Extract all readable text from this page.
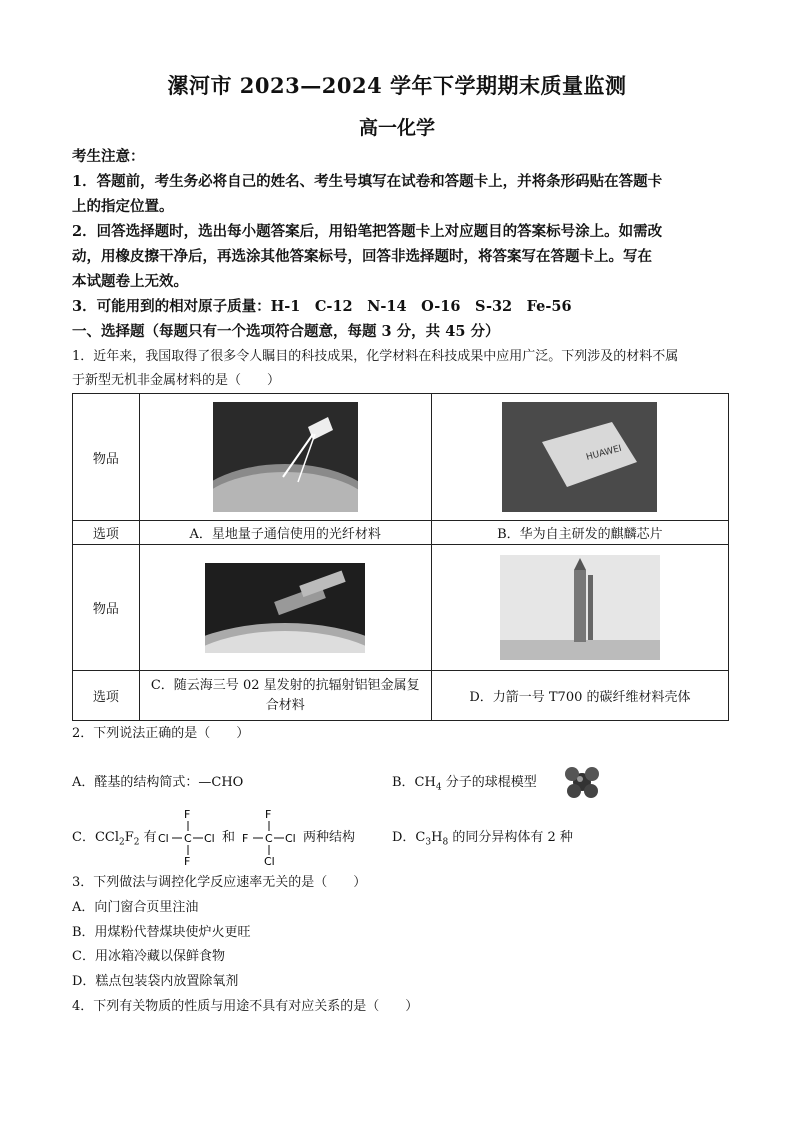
漯河市 2023—2024 学年下学期期末质量监测
高一化学
考生注意：
1．答题前，考生务必将自己的姓名、考生号填写在试卷和答题卡上，并将条形码贴在答题卡
上的指定位置。
2．回答选择题时，选出每小题答案后，用铅笔把答题卡上对应题目的答案标号涂上。如需改
动，用橡皮擦干净后，再选涂其他答案标号，回答非选择题时，将答案写在答题卡上。写在
本试题卷上无效。
3．可能用到的相对原子质量：H-1　C-12　N-14　O-16　S-32　Fe-56
一、选择题（每题只有一个选项符合题意，每题 3 分，共 45 分）
1．近年来，我国取得了很多令人瞩目的科技成果，化学材料在科技成果中应用广泛。下列涉及的材料不属
于新型无机非金属材料的是（　　）
物品		HUAWEI

选项	A．星地量子通信使用的光纤材料	B．华为自主研发的麒麟芯片
物品	

选项	C．随云海三号 02 星发射的抗辐射铝钽金属复
合材料	D．力箭一号 T700 的碳纤维材料壳体
2．下列说法正确的是（　　）
A．醛基的结构简式：—CHO	B．$CH_4$ 分子的球棍模型
C．$CCl_2F_2$ 有
F
Cl C Cl
F
和
F
F C Cl
Cl
两种结构	D．$C_3H_8$ 的同分异构体有 2 种
3．下列做法与调控化学反应速率无关的是（　　）
A．向门窗合页里注油
B．用煤粉代替煤块使炉火更旺
C．用冰箱冷藏以保鲜食物
D．糕点包装袋内放置除氧剂
4．下列有关物质的性质与用途不具有对应关系的是（　　）
